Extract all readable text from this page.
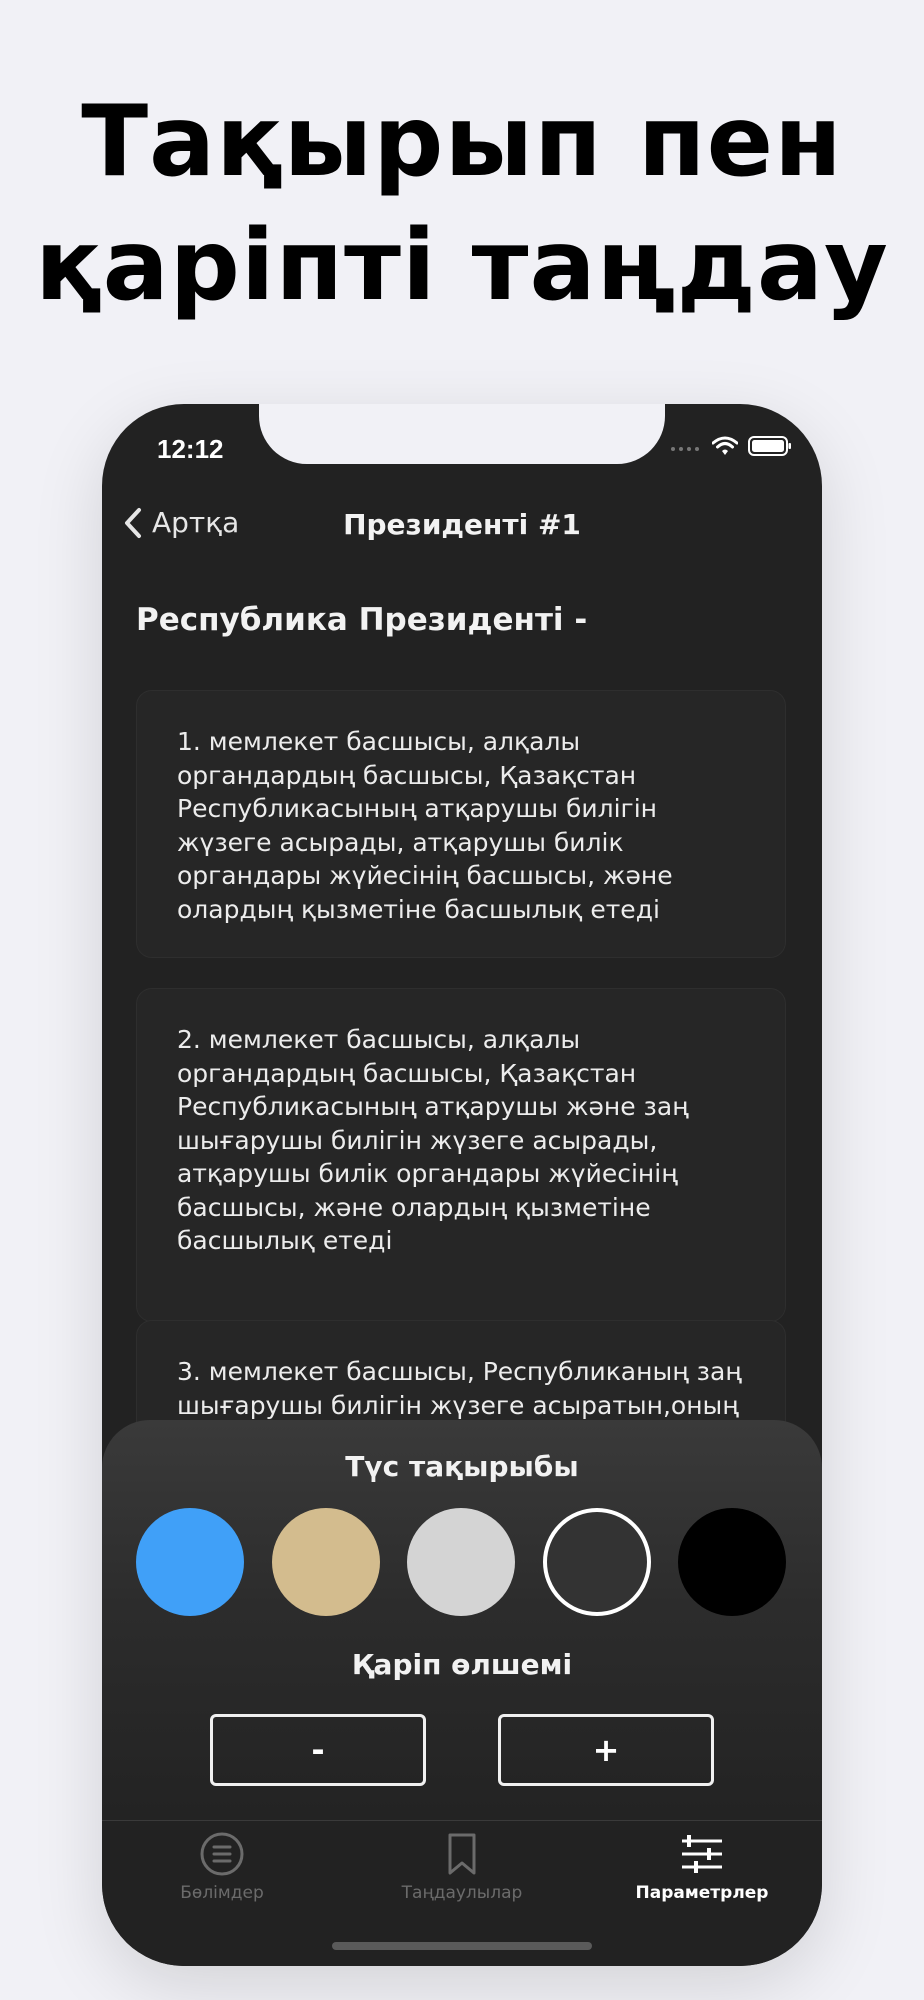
Тақырып пен
қаріпті таңдау
12:12
Артқа	Президенті #1
Республика Президенті -
1. мемлекет басшысы, алқалы органдардың басшысы, Қазақстан Республикасының атқарушы билігін жүзеге асырады, атқарушы билік органдары жүйесінің басшысы, және олардың қызметіне басшылық етеді
2. мемлекет басшысы, алқалы органдардың басшысы, Қазақстан Республикасының атқарушы және заң шығарушы билігін жүзеге асырады, атқарушы билік органдары жүйесінің басшысы, және олардың қызметіне басшылық етеді
3. мемлекет басшысы, Республиканың заң шығарушы билігін жүзеге асыратын,оның
Түс тақырыбы
Қаріп өлшемі
-	+
Бөлімдер	Таңдаулылар	Параметрлер
